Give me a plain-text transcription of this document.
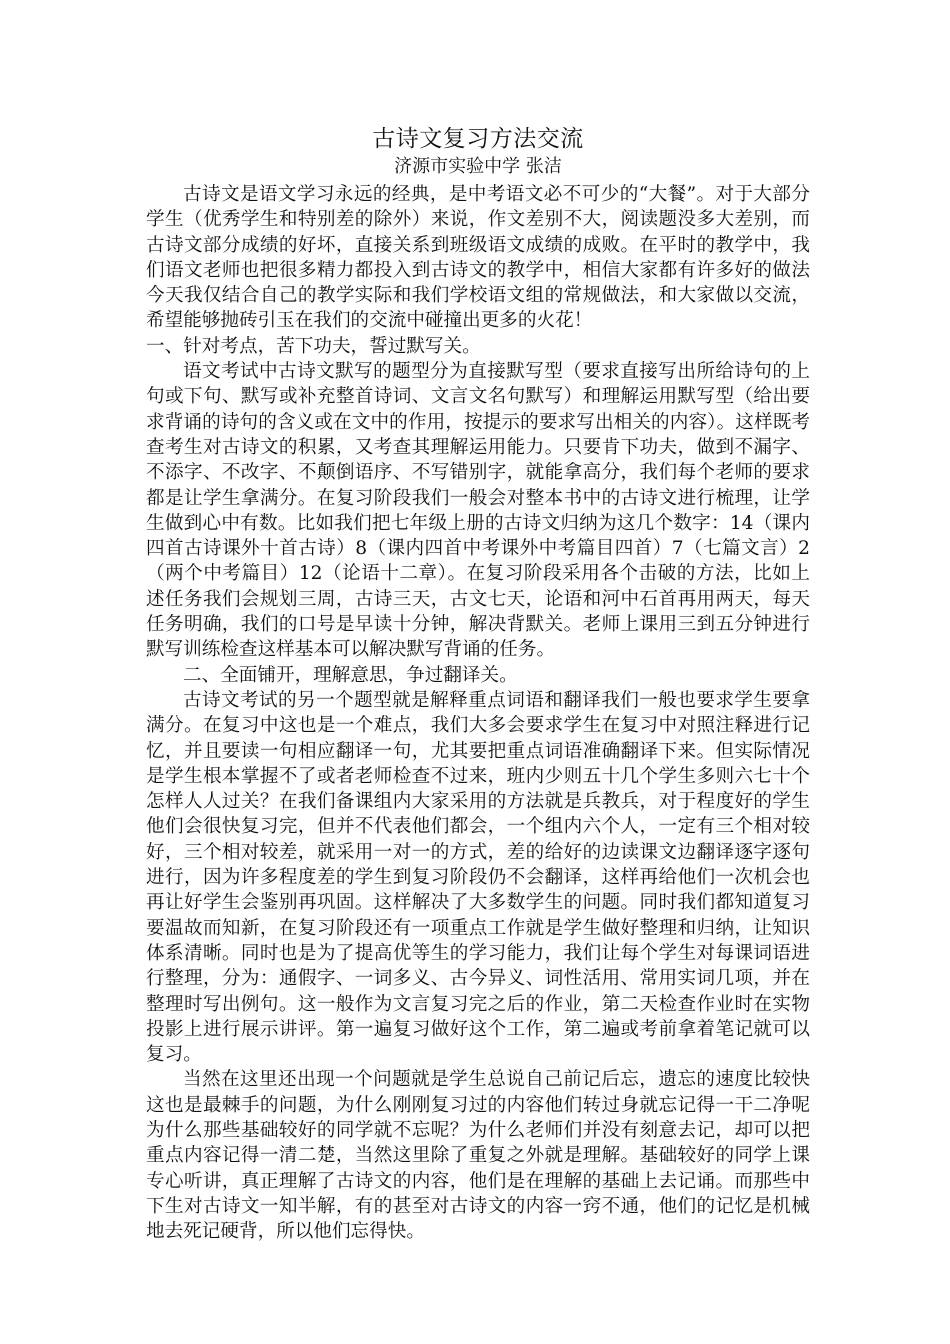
古诗文复习方法交流

济源市实验中学 张洁

古诗文是语文学习永远的经典，是中考语文必不可少的“大餐”。对于大部分学生（优秀学生和特别差的除外）来说，作文差别不大，阅读题没多大差别，而古诗文部分成绩的好坏，直接关系到班级语文成绩的成败。在平时的教学中，我们语文老师也把很多精力都投入到古诗文的教学中，相信大家都有许多好的做法今天我仅结合自己的教学实际和我们学校语文组的常规做法，和大家做以交流，希望能够抛砖引玉在我们的交流中碰撞出更多的火花！

一、针对考点，苦下功夫，誓过默写关。

语文考试中古诗文默写的题型分为直接默写型（要求直接写出所给诗句的上句或下句、默写或补充整首诗词、文言文名句默写）和理解运用默写型（给出要求背诵的诗句的含义或在文中的作用，按提示的要求写出相关的内容）。这样既考查考生对古诗文的积累，又考查其理解运用能力。只要肯下功夫，做到不漏字、不添字、不改字、不颠倒语序、不写错别字，就能拿高分，我们每个老师的要求都是让学生拿满分。在复习阶段我们一般会对整本书中的古诗文进行梳理，让学生做到心中有数。比如我们把七年级上册的古诗文归纳为这几个数字：14（课内四首古诗课外十首古诗）8（课内四首中考课外中考篇目四首）7（七篇文言）2（两个中考篇目）12（论语十二章）。在复习阶段采用各个击破的方法，比如上述任务我们会规划三周，古诗三天，古文七天，论语和河中石首再用两天，每天任务明确，我们的口号是早读十分钟，解决背默关。老师上课用三到五分钟进行默写训练检查这样基本可以解决默写背诵的任务。

二、全面铺开，理解意思，争过翻译关。

古诗文考试的另一个题型就是解释重点词语和翻译我们一般也要求学生要拿满分。在复习中这也是一个难点，我们大多会要求学生在复习中对照注释进行记忆，并且要读一句相应翻译一句，尤其要把重点词语准确翻译下来。但实际情况是学生根本掌握不了或者老师检查不过来，班内少则五十几个学生多则六七十个怎样人人过关？在我们备课组内大家采用的方法就是兵教兵，对于程度好的学生他们会很快复习完，但并不代表他们都会，一个组内六个人，一定有三个相对较好，三个相对较差，就采用一对一的方式，差的给好的边读课文边翻译逐字逐句进行，因为许多程度差的学生到复习阶段仍不会翻译，这样再给他们一次机会也再让好学生会鉴别再巩固。这样解决了大多数学生的问题。同时我们都知道复习要温故而知新，在复习阶段还有一项重点工作就是学生做好整理和归纳，让知识体系清晰。同时也是为了提高优等生的学习能力，我们让每个学生对每课词语进行整理，分为：通假字、一词多义、古今异义、词性活用、常用实词几项，并在整理时写出例句。这一般作为文言复习完之后的作业，第二天检查作业时在实物投影上进行展示讲评。第一遍复习做好这个工作，第二遍或考前拿着笔记就可以复习。

当然在这里还出现一个问题就是学生总说自己前记后忘，遗忘的速度比较快这也是最棘手的问题，为什么刚刚复习过的内容他们转过身就忘记得一干二净呢为什么那些基础较好的同学就不忘呢？为什么老师们并没有刻意去记，却可以把重点内容记得一清二楚，当然这里除了重复之外就是理解。基础较好的同学上课专心听讲，真正理解了古诗文的内容，他们是在理解的基础上去记诵。而那些中下生对古诗文一知半解，有的甚至对古诗文的内容一窍不通，他们的记忆是机械地去死记硬背，所以他们忘得快。
